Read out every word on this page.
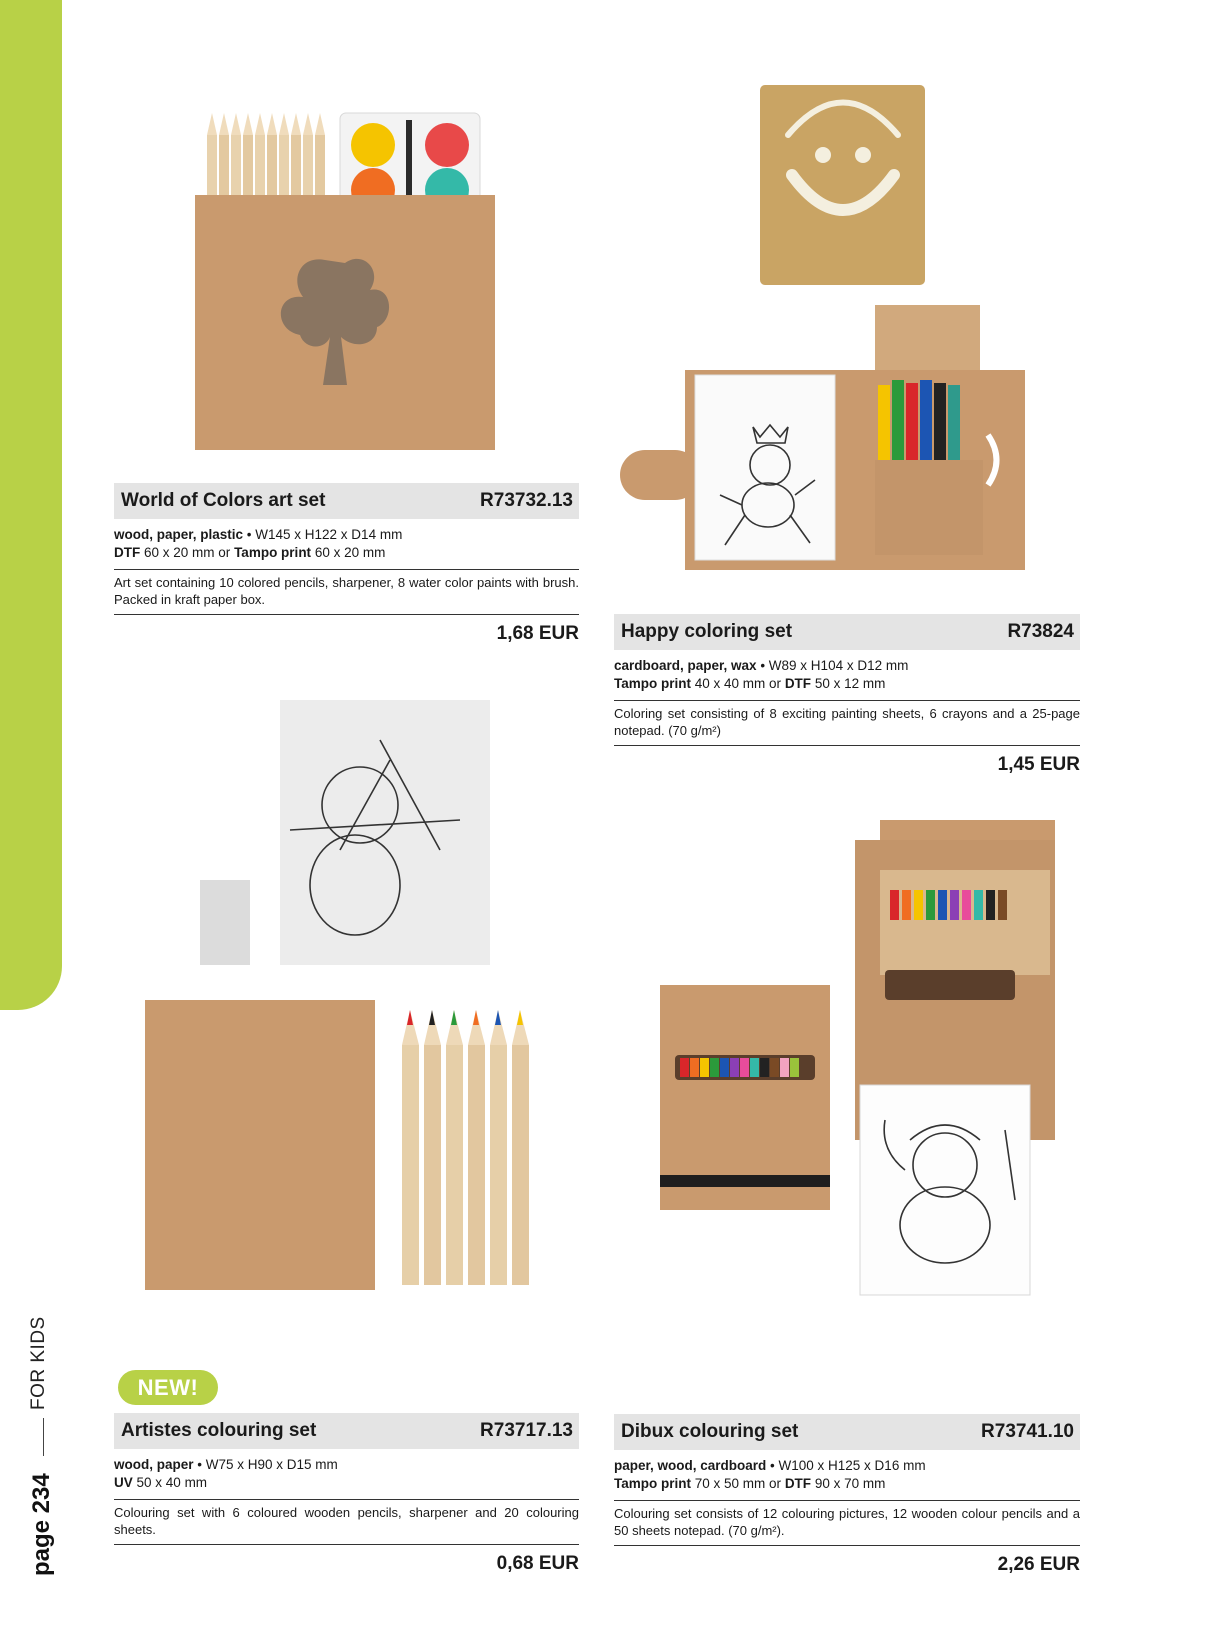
FOR KIDS
page 234
World of Colors art set	R73732.13
wood, paper, plastic • W145 x H122 x D14 mm
DTF 60 x 20 mm or Tampo print 60 x 20 mm
Art set containing 10 colored pencils, sharpener, 8 water color paints with brush. Packed in kraft paper box.
1,68 EUR Happy coloring set	R73824
cardboard, paper, wax • W89 x H104 x D12 mm
Tampo print 40 x 40 mm or DTF 50 x 12 mm
Coloring set consisting of 8 exciting painting sheets, 6 crayons and a 25-page notepad. (70 g/m²)
1,45 EUR
NEW!
Artistes colouring set	R73717.13
wood, paper • W75 x H90 x D15 mm
UV 50 x 40 mm
Colouring set with 6 coloured wooden pencils, sharpener and 20 colouring sheets.
0,68 EUR
Dibux colouring set	R73741.10
paper, wood, cardboard • W100 x H125 x D16 mm
Tampo print 70 x 50 mm or DTF 90 x 70 mm
Colouring set consists of 12 colouring pictures, 12 wooden colour pencils and a 50 sheets notepad. (70 g/m²).
2,26 EUR
